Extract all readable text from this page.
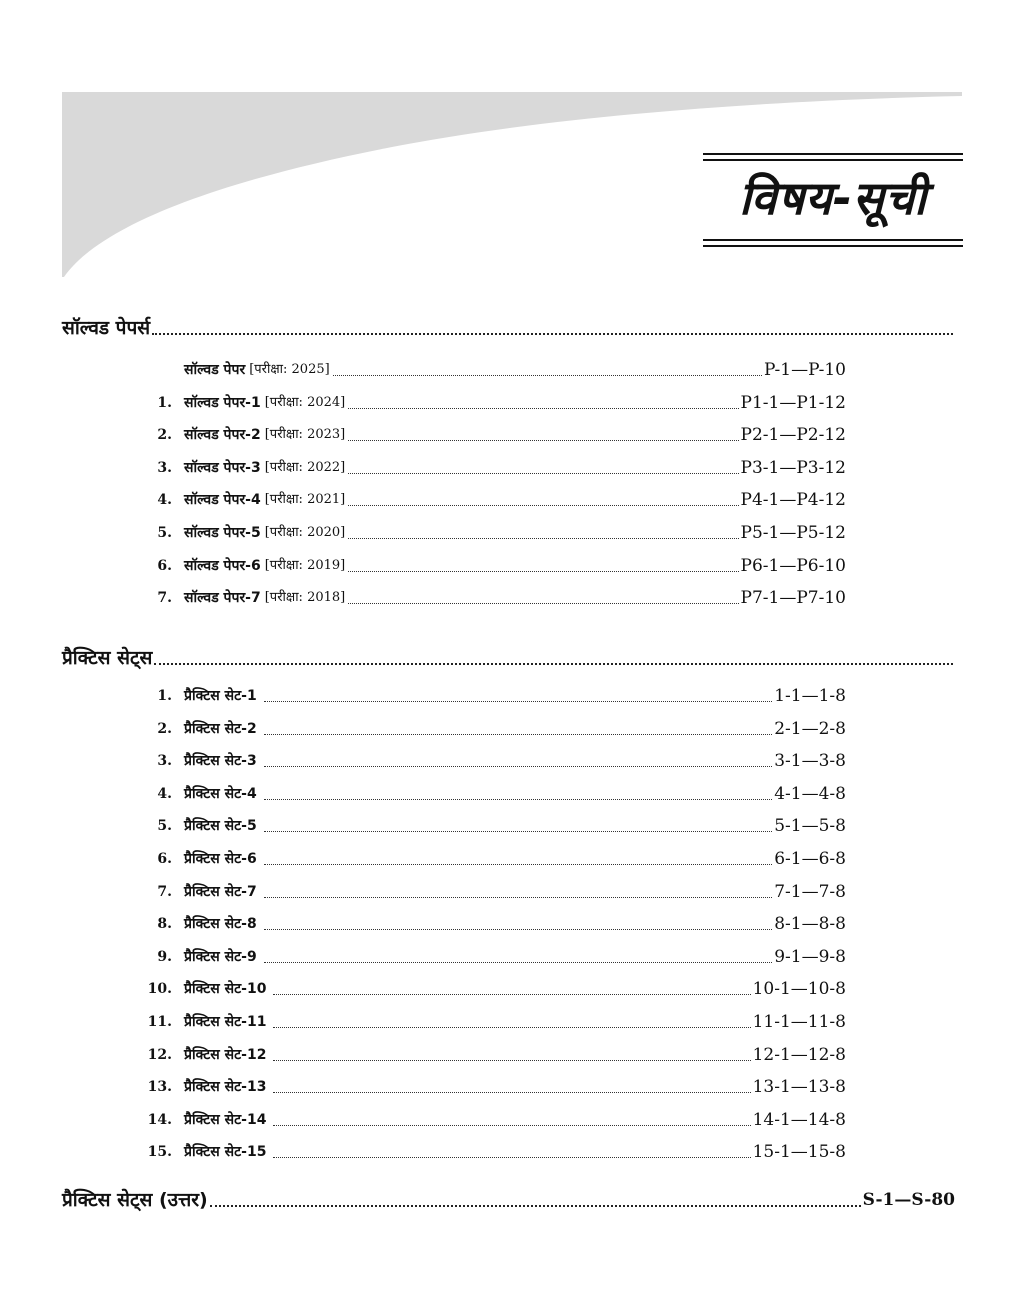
विषय-सूची
सॉल्वड पेपर्स
सॉल्वड पेपर [परीक्षा: 2025]	P-1—P-10
1. सॉल्वड पेपर-1 [परीक्षा: 2024]	P1-1—P1-12
2. सॉल्वड पेपर-2 [परीक्षा: 2023]	P2-1—P2-12
3. सॉल्वड पेपर-3 [परीक्षा: 2022]	P3-1—P3-12
4. सॉल्वड पेपर-4 [परीक्षा: 2021]	P4-1—P4-12
5. सॉल्वड पेपर-5 [परीक्षा: 2020]	P5-1—P5-12
6. सॉल्वड पेपर-6 [परीक्षा: 2019]	P6-1—P6-10
7. सॉल्वड पेपर-7 [परीक्षा: 2018]	P7-1—P7-10
प्रैक्टिस सेट्स
1. प्रैक्टिस सेट-1	1-1—1-8
2. प्रैक्टिस सेट-2	2-1—2-8
3. प्रैक्टिस सेट-3	3-1—3-8
4. प्रैक्टिस सेट-4	4-1—4-8
5. प्रैक्टिस सेट-5	5-1—5-8
6. प्रैक्टिस सेट-6	6-1—6-8
7. प्रैक्टिस सेट-7	7-1—7-8
8. प्रैक्टिस सेट-8	8-1—8-8
9. प्रैक्टिस सेट-9	9-1—9-8
10. प्रैक्टिस सेट-10	10-1—10-8
11. प्रैक्टिस सेट-11	11-1—11-8
12. प्रैक्टिस सेट-12	12-1—12-8
13. प्रैक्टिस सेट-13	13-1—13-8
14. प्रैक्टिस सेट-14	14-1—14-8
15. प्रैक्टिस सेट-15	15-1—15-8
प्रैक्टिस सेट्स (उत्तर)	S-1—S-80
